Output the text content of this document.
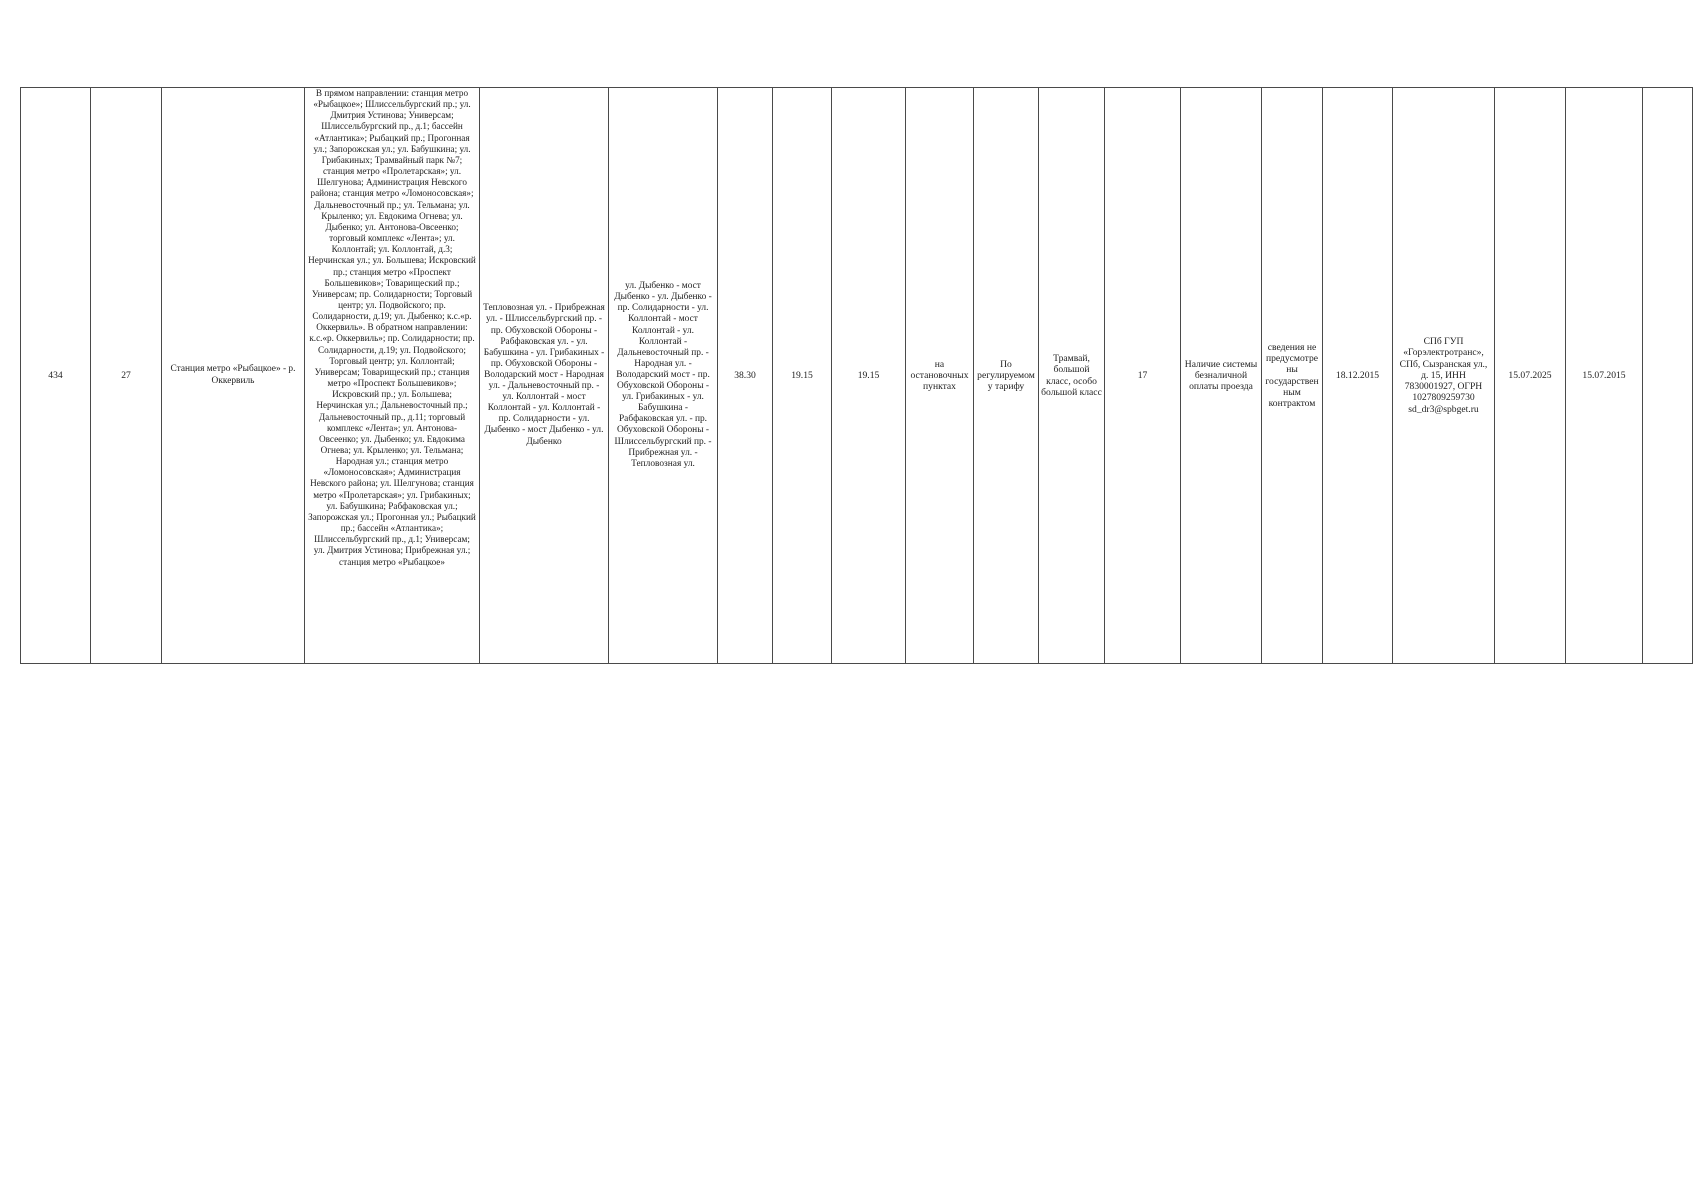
434	27	Станция метро «Рыбацкое» - р. Оккервиль	В прямом направлении: станция метро «Рыбацкое»; Шлиссельбургский пр.; ул. Дмитрия Устинова; Универсам; Шлиссельбургский пр., д.1; бассейн «Атлантика»; Рыбацкий пр.; Прогонная ул.; Запорожская ул.; ул. Бабушкина; ул. Грибакиных; Трамвайный парк №7; станция метро «Пролетарская»; ул. Шелгунова; Администрация Невского района; станция метро «Ломоносовская»; Дальневосточный пр.; ул. Тельмана; ул. Крыленко; ул. Евдокима Огнева; ул. Дыбенко; ул. Антонова-Овсеенко; торговый комплекс «Лента»; ул. Коллонтай; ул. Коллонтай, д.3; Нерчинская ул.; ул. Большева; Искровский пр.; станция метро «Проспект Большевиков»; Товарищеский пр.; Универсам; пр. Солидарности; Торговый центр; ул. Подвойского; пр. Солидарности, д.19; ул. Дыбенко; к.с.«р. Оккервиль». В обратном направлении: к.с.«р. Оккервиль»; пр. Солидарности; пр. Солидарности, д.19; ул. Подвойского; Торговый центр; ул. Коллонтай; Универсам; Товарищеский пр.; станция метро «Проспект Большевиков»; Искровский пр.; ул. Большева; Нерчинская ул.; Дальневосточный пр.; Дальневосточный пр., д.11; торговый комплекс «Лента»; ул. Антонова-Овсеенко; ул. Дыбенко; ул. Евдокима Огнева; ул. Крыленко; ул. Тельмана; Народная ул.; станция метро «Ломоносовская»; Администрация Невского района; ул. Шелгунова; станция метро «Пролетарская»; ул. Грибакиных; ул. Бабушкина; Рабфаковская ул.; Запорожская ул.; Прогонная ул.; Рыбацкий пр.; бассейн «Атлантика»; Шлиссельбургский пр., д.1; Универсам; ул. Дмитрия Устинова; Прибрежная ул.; станция метро «Рыбацкое»	Тепловозная ул. - Прибрежная ул. - Шлиссельбургский пр. - пр. Обуховской Обороны - Рабфаковская ул. - ул. Бабушкина - ул. Грибакиных - пр. Обуховской Обороны - Володарский мост - Народная ул. - Дальневосточный пр. - ул. Коллонтай - мост Коллонтай - ул. Коллонтай - пр. Солидарности - ул. Дыбенко - мост Дыбенко - ул. Дыбенко	ул. Дыбенко - мост Дыбенко - ул. Дыбенко - пр. Солидарности - ул. Коллонтай - мост Коллонтай - ул. Коллонтай - Дальневосточный пр. - Народная ул. - Володарский мост - пр. Обуховской Обороны - ул. Грибакиных - ул. Бабушкина - Рабфаковская ул. - пр. Обуховской Обороны - Шлиссельбургский пр. - Прибрежная ул. - Тепловозная ул.	38.30	19.15	19.15	на остановочных пунктах	По регулируемому тарифу	Трамвай, большой класс, особо большой класс	17	Наличие системы безналичной оплаты проезда	сведения не предусмотрены государственным контрактом	18.12.2015	СПб ГУП «Горэлектротранс», СПб, Сызранская ул., д. 15, ИНН 7830001927, ОГРН 1027809259730 sd_dr3@spbget.ru	15.07.2025	15.07.2015	
